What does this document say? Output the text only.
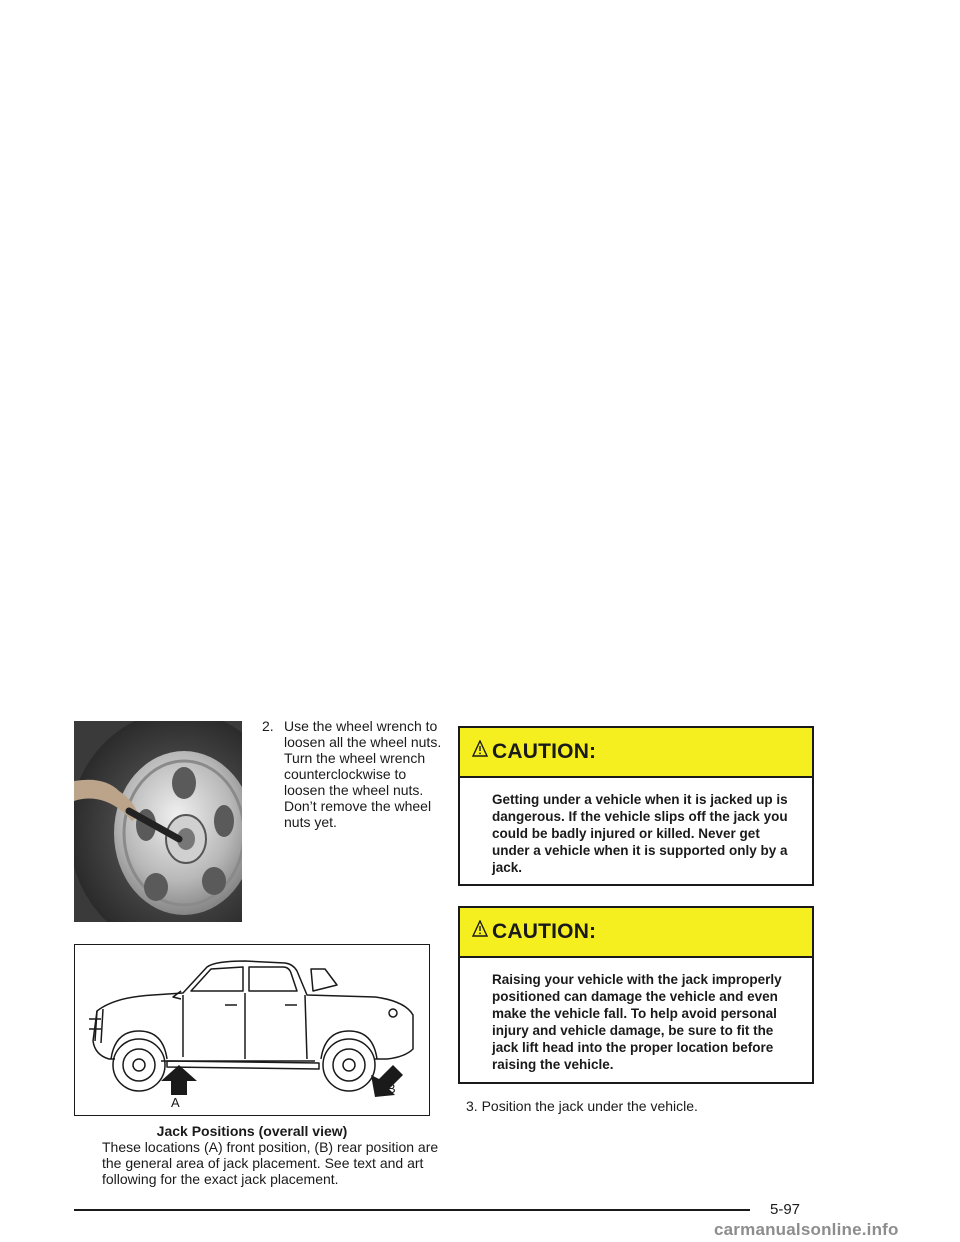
2. Use the wheel wrench to loosen all the wheel nuts. Turn the wheel wrench counterclockwise to loosen the wheel nuts. Don’t remove the wheel nuts yet.
A
B
Jack Positions (overall view)
These locations (A) front position, (B) rear position are the general area of jack placement. See text and art following for the exact jack placement.
CAUTION:
Getting under a vehicle when it is jacked up is dangerous. If the vehicle slips off the jack you could be badly injured or killed. Never get under a vehicle when it is supported only by a jack.
CAUTION:
Raising your vehicle with the jack improperly positioned can damage the vehicle and even make the vehicle fall. To help avoid personal injury and vehicle damage, be sure to fit the jack lift head into the proper location before raising the vehicle.
3. Position the jack under the vehicle.
5-97
carmanualsonline.info
